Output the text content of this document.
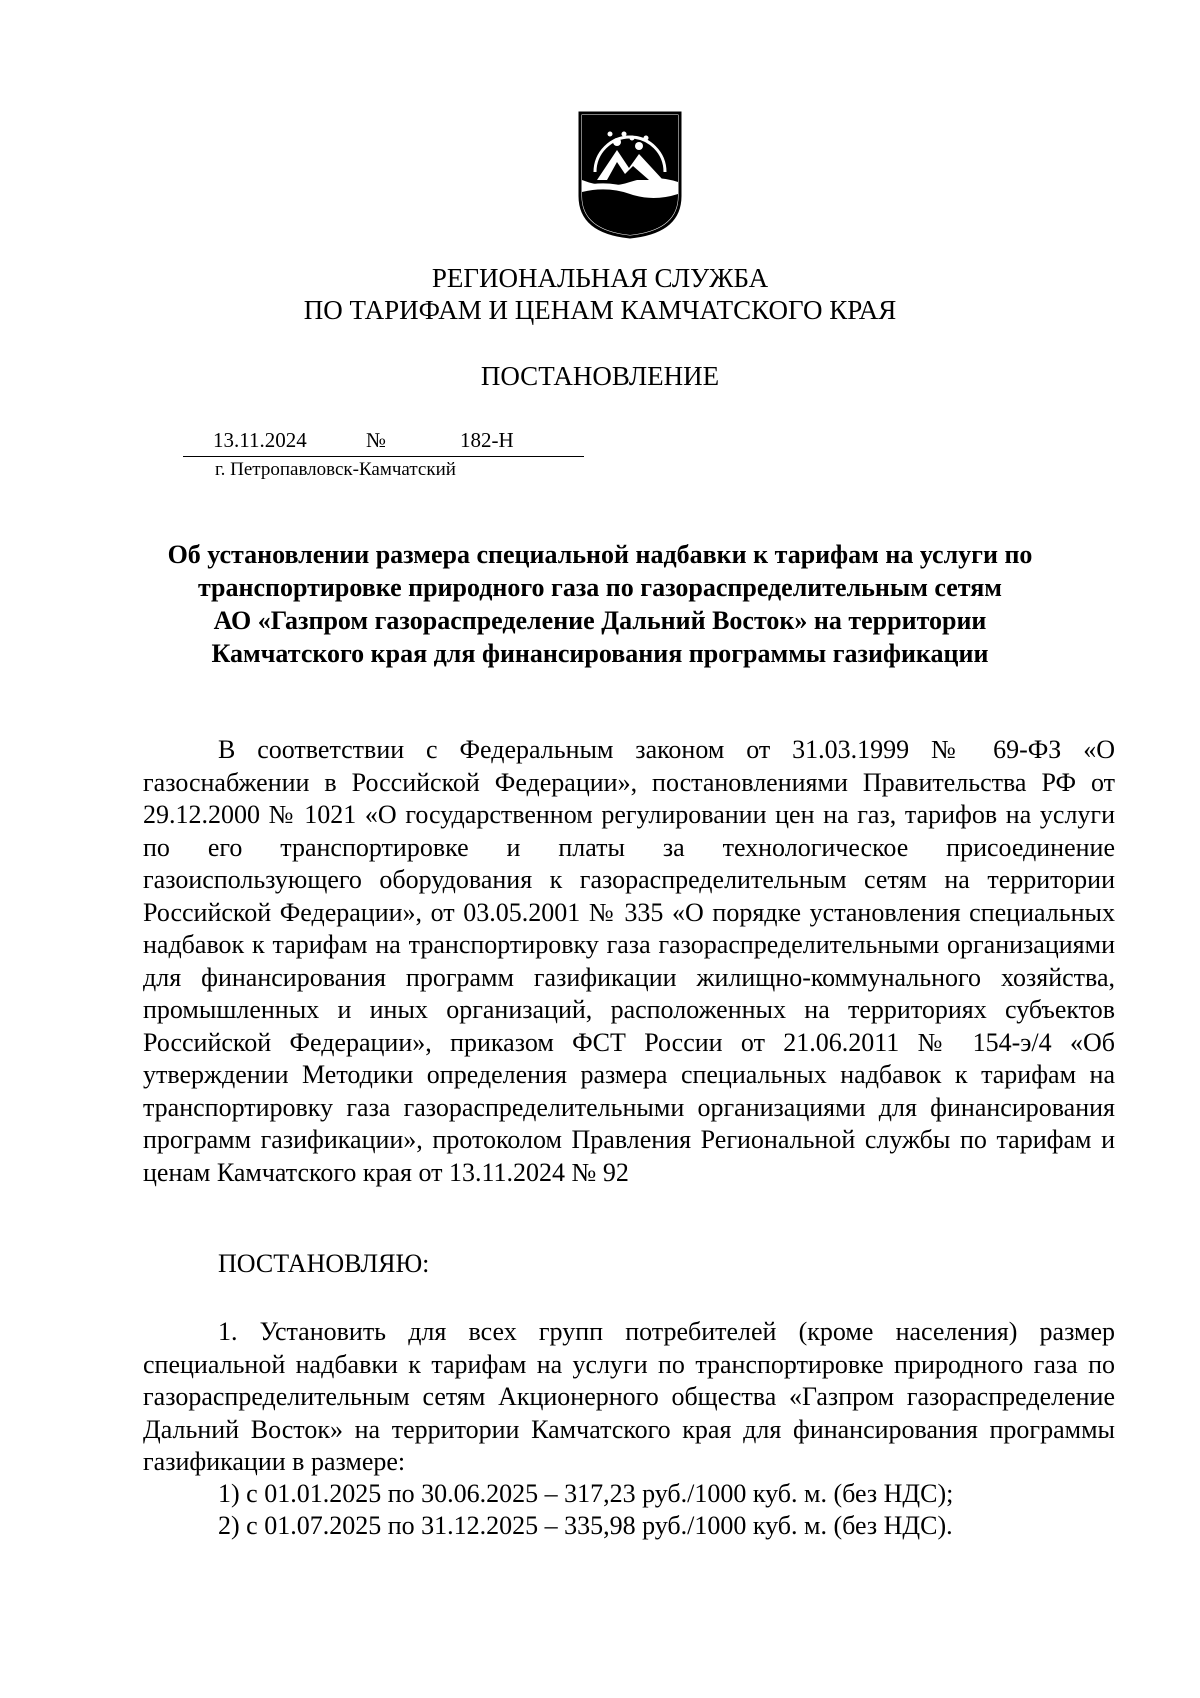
РЕГИОНАЛЬНАЯ СЛУЖБА
ПО ТАРИФАМ И ЦЕНАМ КАМЧАТСКОГО КРАЯ
ПОСТАНОВЛЕНИЕ
13.11.2024	№	182-Н
г. Петропавловск-Камчатский
Об установлении размера специальной надбавки к тарифам на услуги по
транспортировке природного газа по газораспределительным сетям
АО «Газпром газораспределение Дальний Восток» на территории
Камчатского края для финансирования программы газификации
В соответствии с Федеральным законом от 31.03.1999 № 69-ФЗ «О газоснабжении в Российской Федерации», постановлениями Правительства РФ от 29.12.2000 № 1021 «О государственном регулировании цен на газ, тарифов на услуги по его транспортировке и платы за технологическое присоединение газоиспользующего оборудования к газораспределительным сетям на территории Российской Федерации», от 03.05.2001 № 335 «О порядке установления специальных надбавок к тарифам на транспортировку газа газораспределительными организациями для финансирования программ газификации жилищно-коммунального хозяйства, промышленных и иных организаций, расположенных на территориях субъектов Российской Федерации», приказом ФСТ России от 21.06.2011 № 154-э/4 «Об утверждении Методики определения размера специальных надбавок к тарифам на транспортировку газа газораспределительными организациями для финансирования программ газификации», протоколом Правления Региональной службы по тарифам и ценам Камчатского края от 13.11.2024 № 92
ПОСТАНОВЛЯЮ:
1. Установить для всех групп потребителей (кроме населения) размер специальной надбавки к тарифам на услуги по транспортировке природного газа по газораспределительным сетям Акционерного общества «Газпром газораспределение Дальний Восток» на территории Камчатского края для финансирования программы газификации в размере:
1) с 01.01.2025 по 30.06.2025 – 317,23 руб./1000 куб. м. (без НДС);
2) с 01.07.2025 по 31.12.2025 – 335,98 руб./1000 куб. м. (без НДС).
